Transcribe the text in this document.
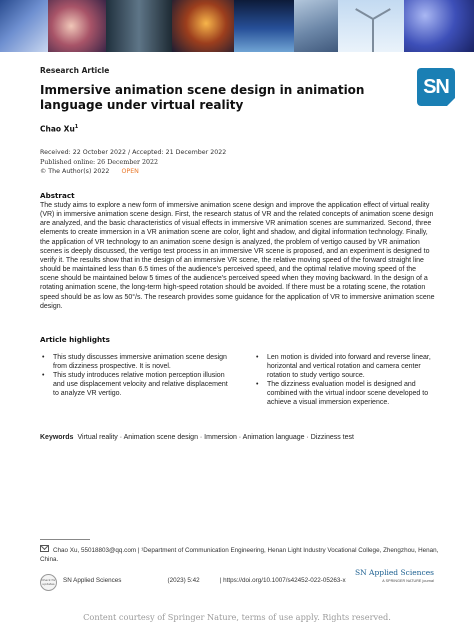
SN
Research Article
Immersive animation scene design in animation language under virtual reality
Chao Xu$^1$
Received: 22 October 2022 / Accepted: 21 December 2022
Published online: 26 December 2022
© The Author(s) 2022 OPEN
Abstract

The study aims to explore a new form of immersive animation scene design and improve the application effect of virtual reality (VR) in immersive animation scene design. First, the research status of VR and the related concepts of animation scene design are analyzed, and the basic characteristics of visual effects in immersive VR animation scenes are summarized. Second, three elements to create immersion in a VR animation scene are color, light and shadow, and digital information technology. Finally, the application of VR technology to an animation scene design is analyzed, the problem of vertigo caused by VR animation scenes is deeply discussed, the vertigo test process in an immersive VR scene is proposed, and an experiment is designed to verify it. The results show that in the design of an immersive VR scene, the relative moving speed of the forward straight line should be maintained less than 6.5 times of the audience's perceived speed, and the optimal relative moving speed of the scene should be maintained below 5 times of the audience's perceived speed when they moving backward. In the design of a rotating animation scene, the long-term high-speed rotation should be avoided. If there must be a rotating scene, the rotation speed should be as low as 50°/s. The research provides some guidance for the application of VR to immersive animation scene design.

Article highlights
• This study discusses immersive animation scene design from dizziness prospective. It is novel.
• This study introduces relative motion perception illusion and use displacement velocity and relative displacement to analyze VR vertigo.
• Len motion is divided into forward and reverse linear, horizontal and vertical rotation and camera center rotation to study vertigo source.
• The dizziness evaluation model is designed and combined with the virtual indoor scene developed to achieve a visual immersion experience.
Keywords Virtual reality · Animation scene design · Immersion · Animation language · Dizziness test
Chao Xu, 55018803@qq.com | ¹Department of Communication Engineering, Henan Light Industry Vocational College, Zhengzhou, Henan, China.
Check for updates SN Applied Sciences	(2023) 5:42	| https://doi.org/10.1007/s42452-022-05263-x
SN Applied Sciences
A SPRINGER NATURE journal
Content courtesy of Springer Nature, terms of use apply. Rights reserved.
